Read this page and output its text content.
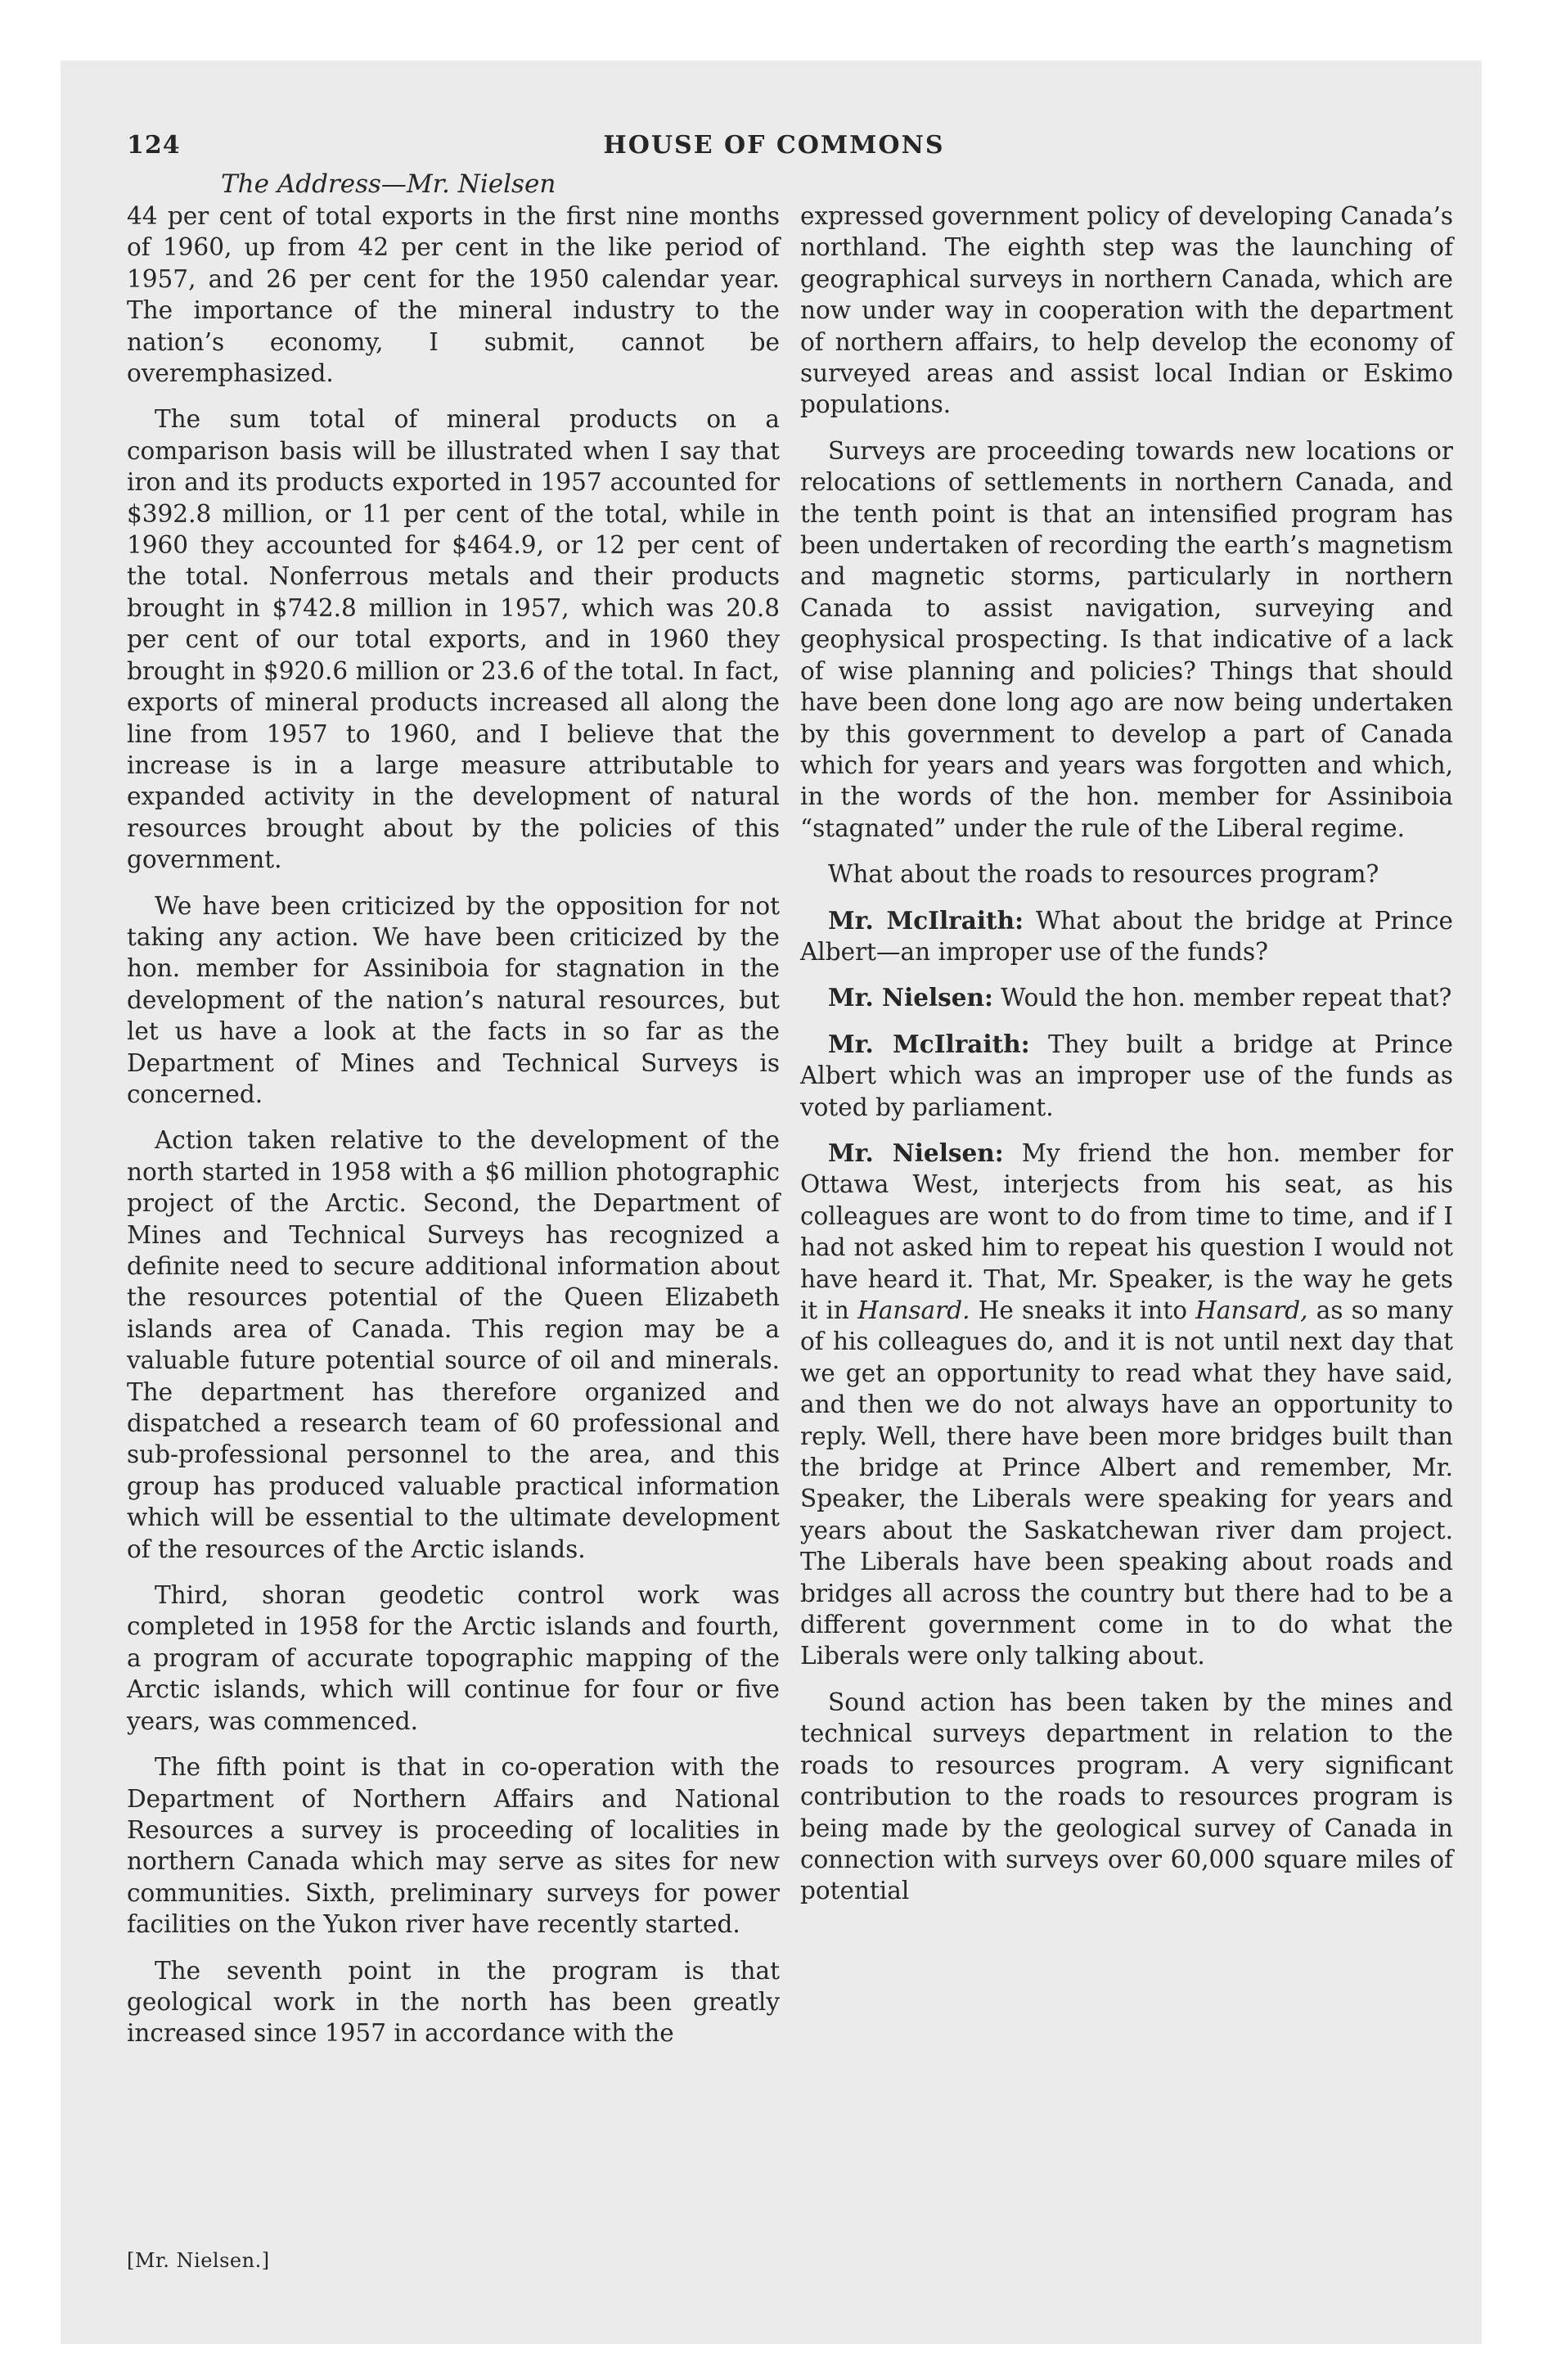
124	HOUSE OF COMMONS
The Address—Mr. Nielsen

44 per cent of total exports in the first nine months of 1960, up from 42 per cent in the like period of 1957, and 26 per cent for the 1950 calendar year. The importance of the mineral industry to the nation’s economy, I submit, cannot be overemphasized.

The sum total of mineral products on a comparison basis will be illustrated when I say that iron and its products exported in 1957 accounted for $392.8 million, or 11 per cent of the total, while in 1960 they accounted for $464.9, or 12 per cent of the total. Nonferrous metals and their products brought in $742.8 million in 1957, which was 20.8 per cent of our total exports, and in 1960 they brought in $920.6 million or 23.6 of the total. In fact, exports of mineral products increased all along the line from 1957 to 1960, and I believe that the increase is in a large measure attributable to expanded activity in the development of natural resources brought about by the policies of this government.

We have been criticized by the opposition for not taking any action. We have been criticized by the hon. member for Assiniboia for stagnation in the development of the nation’s natural resources, but let us have a look at the facts in so far as the Department of Mines and Technical Surveys is concerned.

Action taken relative to the development of the north started in 1958 with a $6 million photographic project of the Arctic. Second, the Department of Mines and Technical Surveys has recognized a definite need to secure additional information about the resources potential of the Queen Elizabeth islands area of Canada. This region may be a valuable future potential source of oil and minerals. The department has therefore organized and dispatched a research team of 60 professional and sub-professional personnel to the area, and this group has produced valuable practical information which will be essential to the ultimate development of the resources of the Arctic islands.

Third, shoran geodetic control work was completed in 1958 for the Arctic islands and fourth, a program of accurate topographic mapping of the Arctic islands, which will continue for four or five years, was commenced.

The fifth point is that in co-operation with the Department of Northern Affairs and National Resources a survey is proceeding of localities in northern Canada which may serve as sites for new communities. Sixth, preliminary surveys for power facilities on the Yukon river have recently started.

The seventh point in the program is that geological work in the north has been greatly increased since 1957 in accordance with the

expressed government policy of developing Canada’s northland. The eighth step was the launching of geographical surveys in northern Canada, which are now under way in cooperation with the department of northern affairs, to help develop the economy of surveyed areas and assist local Indian or Eskimo populations.

Surveys are proceeding towards new locations or relocations of settlements in northern Canada, and the tenth point is that an intensified program has been undertaken of recording the earth’s magnetism and magnetic storms, particularly in northern Canada to assist navigation, surveying and geophysical prospecting. Is that indicative of a lack of wise planning and policies? Things that should have been done long ago are now being undertaken by this government to develop a part of Canada which for years and years was forgotten and which, in the words of the hon. member for Assiniboia “stagnated” under the rule of the Liberal regime.

What about the roads to resources program?

Mr. McIlraith: What about the bridge at Prince Albert—an improper use of the funds?

Mr. Nielsen: Would the hon. member repeat that?

Mr. McIlraith: They built a bridge at Prince Albert which was an improper use of the funds as voted by parliament.

Mr. Nielsen: My friend the hon. member for Ottawa West, interjects from his seat, as his colleagues are wont to do from time to time, and if I had not asked him to repeat his question I would not have heard it. That, Mr. Speaker, is the way he gets it in Hansard. He sneaks it into Hansard, as so many of his colleagues do, and it is not until next day that we get an opportunity to read what they have said, and then we do not always have an opportunity to reply. Well, there have been more bridges built than the bridge at Prince Albert and remember, Mr. Speaker, the Liberals were speaking for years and years about the Saskatchewan river dam project. The Liberals have been speaking about roads and bridges all across the country but there had to be a different government come in to do what the Liberals were only talking about.

Sound action has been taken by the mines and technical surveys department in relation to the roads to resources program. A very significant contribution to the roads to resources program is being made by the geological survey of Canada in connection with surveys over 60,000 square miles of potential

[Mr. Nielsen.]
